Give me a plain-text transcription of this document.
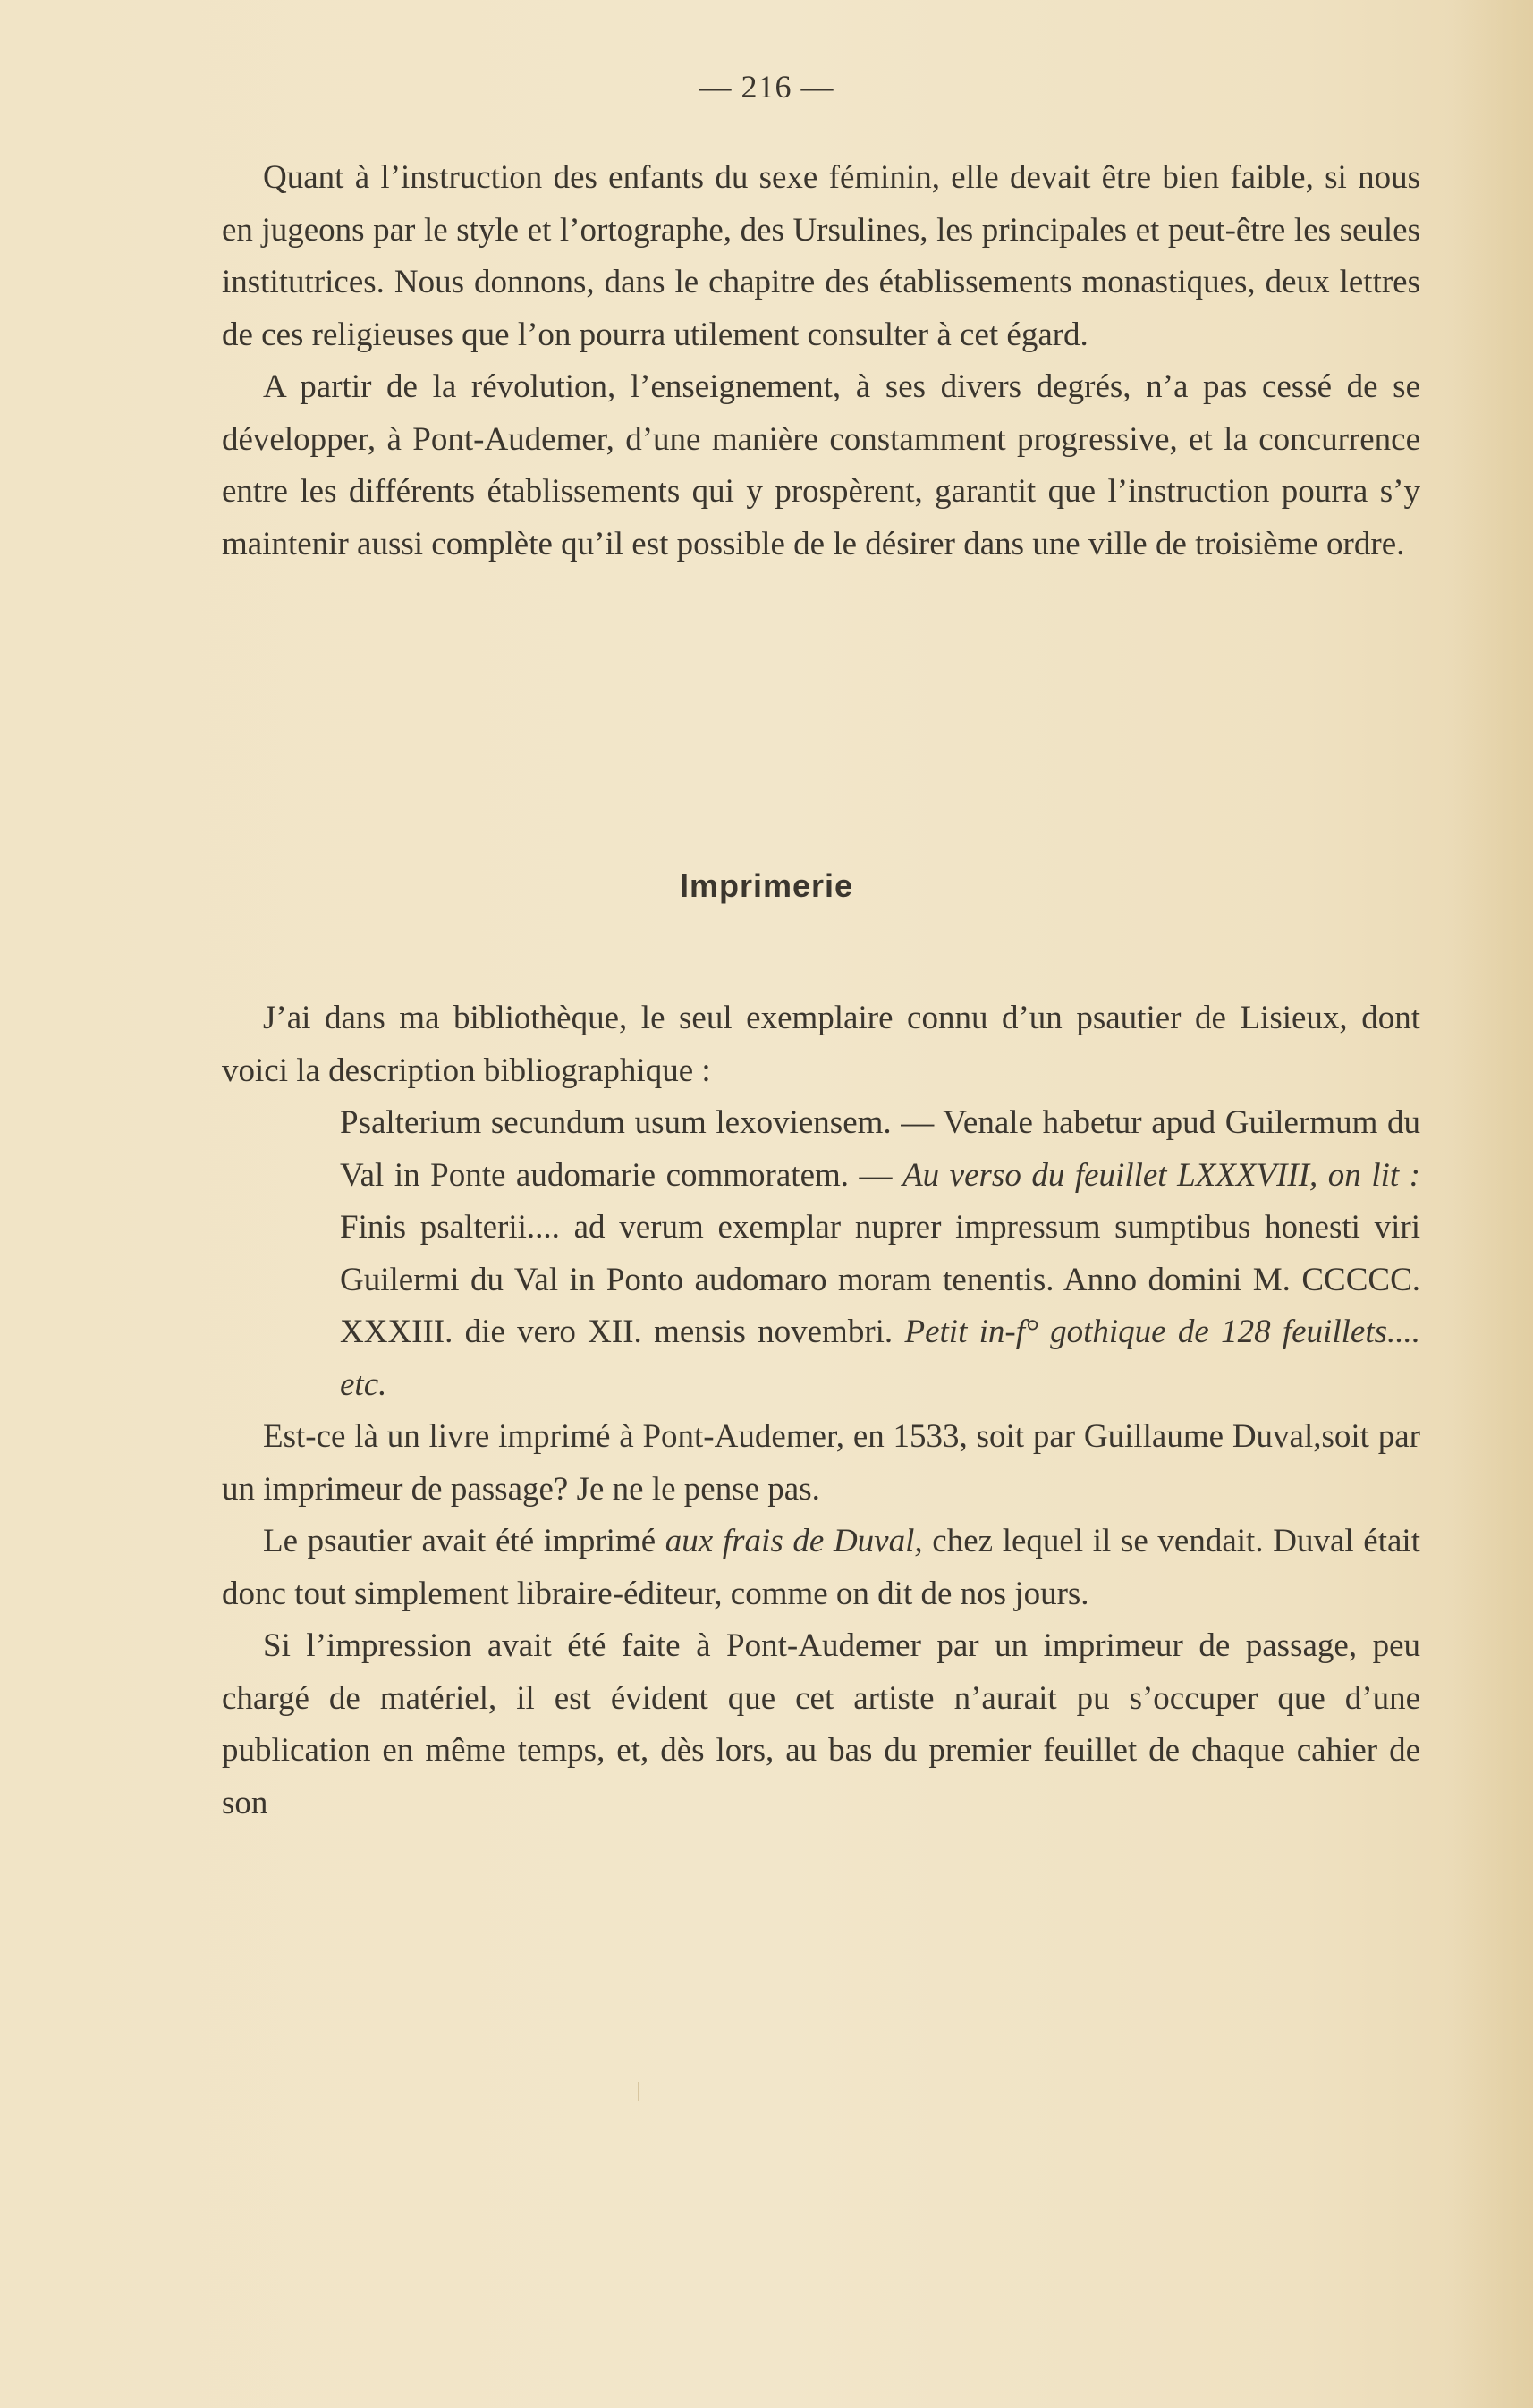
— 216 —

Quant à l’instruction des enfants du sexe féminin, elle devait être bien faible, si nous en jugeons par le style et l’ortographe, des Ursulines, les principales et peut-être les seules institutrices. Nous donnons, dans le chapitre des établissements monastiques, deux lettres de ces religieuses que l’on pourra utilement consulter à cet égard.

A partir de la révolution, l’enseignement, à ses divers degrés, n’a pas cessé de se développer, à Pont-Audemer, d’une manière constamment progressive, et la concurrence entre les différents établissements qui y prospèrent, garantit que l’instruction pourra s’y maintenir aussi complète qu’il est possible de le désirer dans une ville de troisième ordre.

Imprimerie

J’ai dans ma bibliothèque, le seul exemplaire connu d’un psautier de Lisieux, dont voici la description bibliographique :

Psalterium secundum usum lexoviensem. — Venale habetur apud Guilermum du Val in Ponte audomarie commoratem. — Au verso du feuillet LXXXVIII, on lit : Finis psalterii.... ad verum exemplar nuprer impressum sumptibus honesti viri Guilermi du Val in Ponto audomaro moram tenentis. Anno domini M. CCCCC. XXXIII. die vero XII. mensis novembri. Petit in-f° gothique de 128 feuillets.... etc.

Est-ce là un livre imprimé à Pont-Audemer, en 1533, soit par Guillaume Duval,soit par un imprimeur de passage? Je ne le pense pas.

Le psautier avait été imprimé aux frais de Duval, chez lequel il se vendait. Duval était donc tout simplement libraire-éditeur, comme on dit de nos jours.

Si l’impression avait été faite à Pont-Audemer par un imprimeur de passage, peu chargé de matériel, il est évident que cet artiste n’aurait pu s’occuper que d’une publication en même temps, et, dès lors, au bas du premier feuillet de chaque cahier de son
